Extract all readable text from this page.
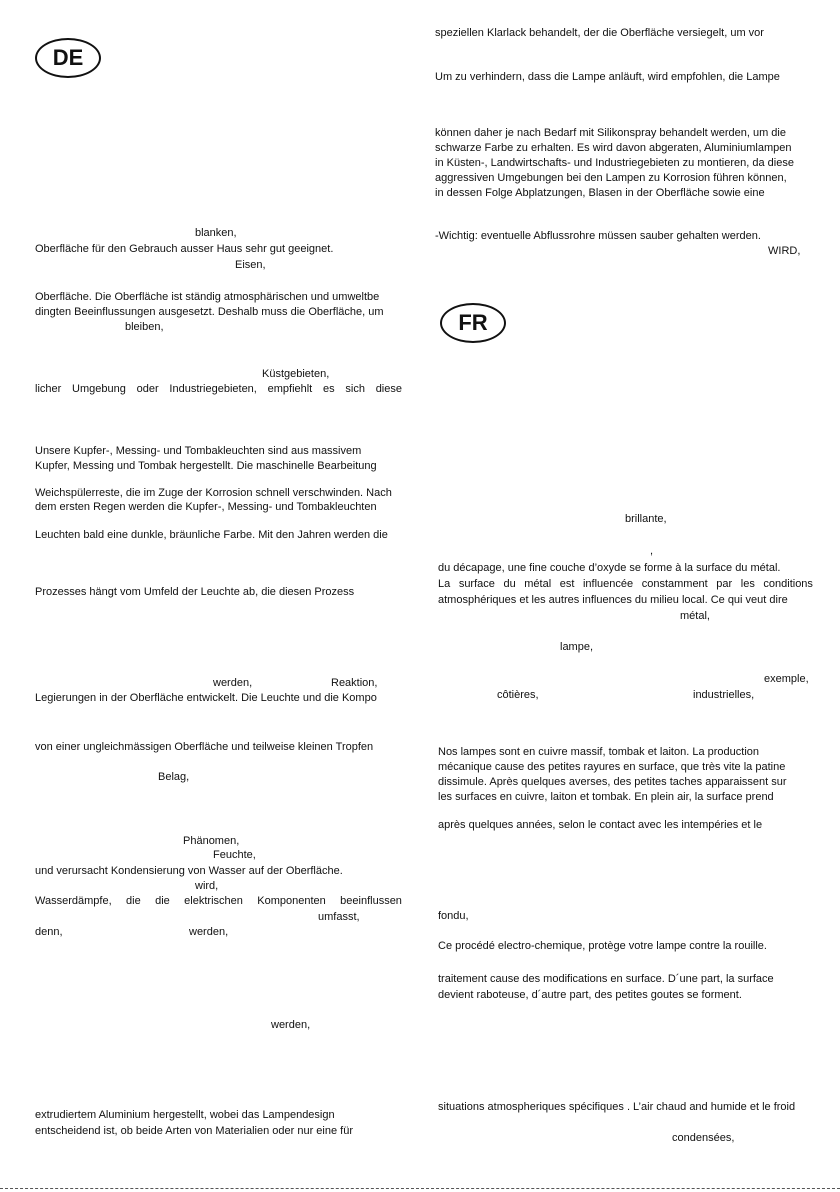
DE
FR
blanken,
Oberfläche für den Gebrauch ausser Haus sehr gut geeignet.
Eisen,
Oberfläche. Die Oberfläche ist ständig atmosphärischen und umweltbe
dingten Beeinflussungen ausgesetzt. Deshalb muss die Oberfläche, um
bleiben,
Küstgebieten,
licher Umgebung oder Industriegebieten, empfiehlt es sich diese
Unsere Kupfer-, Messing- und Tombakleuchten sind aus massivem
Kupfer, Messing und Tombak hergestellt. Die maschinelle Bearbeitung
Weichspülerreste, die im Zuge der Korrosion schnell verschwinden. Nach
dem ersten Regen werden die Kupfer-, Messing- und Tombakleuchten
Leuchten bald eine dunkle, bräunliche Farbe. Mit den Jahren werden die
Prozesses hängt vom Umfeld der Leuchte ab, die diesen Prozess
werden,	Reaktion,
Legierungen in der Oberfläche entwickelt. Die Leuchte und die Kompo
von einer ungleichmässigen Oberfläche und teilweise kleinen Tropfen
Belag,
Phänomen,
Feuchte,
und verursacht Kondensierung von Wasser auf der Oberfläche.
wird,
Wasserdämpfe, die die elektrischen Komponenten beeinflussen
umfasst,
denn,	werden,
werden,
extrudiertem Aluminium hergestellt, wobei das Lampendesign
entscheidend ist, ob beide Arten von Materialien oder nur eine für
speziellen Klarlack behandelt, der die Oberfläche versiegelt, um vor
Um zu verhindern, dass die Lampe anläuft, wird empfohlen, die Lampe
können daher je nach Bedarf mit Silikonspray behandelt werden, um die
schwarze Farbe zu erhalten. Es wird davon abgeraten, Aluminiumlampen
in Küsten-, Landwirtschafts- und Industriegebieten zu montieren, da diese
aggressiven Umgebungen bei den Lampen zu Korrosion führen können,
in dessen Folge Abplatzungen, Blasen in der Oberfläche sowie eine
-Wichtig: eventuelle Abflussrohre müssen sauber gehalten werden.
WIRD,
brillante,
,
du décapage, une fine couche d’oxyde se forme à la surface du métal.
La surface du métal est influencée constamment par les conditions
atmosphériques et les autres influences du milieu local. Ce qui veut dire
métal,
lampe,
exemple,
côtières,	industrielles,
Nos lampes sont en cuivre massif, tombak et laiton. La production
mécanique cause des petites rayures en surface, que très vite la patine
dissimule. Après quelques averses, des petites taches apparaissent sur
les surfaces en cuivre, laiton et tombak. En plein air, la surface prend
après quelques années, selon le contact avec les intempéries et le
fondu,
Ce procédé electro-chemique, protège votre lampe contre la rouille.
traitement cause des modifications en surface. D´une part, la surface
devient raboteuse, d´autre part, des petites goutes se forment.
situations atmospheriques spécifiques . L’air chaud and humide et le froid
condensées,
